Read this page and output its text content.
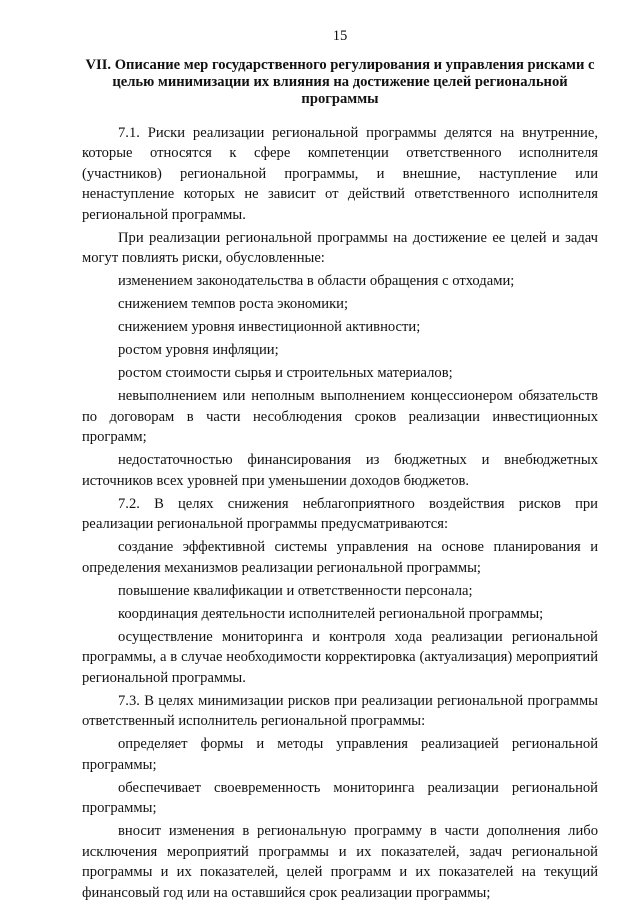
15
VII. Описание мер государственного регулирования и управления рисками с целью минимизации их влияния на достижение целей региональной программы

7.1. Риски реализации региональной программы делятся на внутренние, которые относятся к сфере компетенции ответственного исполнителя (участников) региональной программы, и внешние, наступление или ненаступление которых не зависит от действий ответственного исполнителя региональной программы.

При реализации региональной программы на достижение ее целей и задач могут повлиять риски, обусловленные:

изменением законодательства в области обращения с отходами;

снижением темпов роста экономики;

снижением уровня инвестиционной активности;

ростом уровня инфляции;

ростом стоимости сырья и строительных материалов;

невыполнением или неполным выполнением концессионером обязательств по договорам в части несоблюдения сроков реализации инвестиционных программ;

недостаточностью финансирования из бюджетных и внебюджетных источников всех уровней при уменьшении доходов бюджетов.

7.2. В целях снижения неблагоприятного воздействия рисков при реализации региональной программы предусматриваются:

создание эффективной системы управления на основе планирования и определения механизмов реализации региональной программы;

повышение квалификации и ответственности персонала;

координация деятельности исполнителей региональной программы;

осуществление мониторинга и контроля хода реализации региональной программы, а в случае необходимости корректировка (актуализация) мероприятий региональной программы.

7.3. В целях минимизации рисков при реализации региональной программы ответственный исполнитель региональной программы:

определяет формы и методы управления реализацией региональной программы;

обеспечивает своевременность мониторинга реализации региональной программы;

вносит изменения в региональную программу в части дополнения либо исключения мероприятий программы и их показателей, задач региональной программы и их показателей, целей программ и их показателей на текущий финансовый год или на оставшийся срок реализации программы;
